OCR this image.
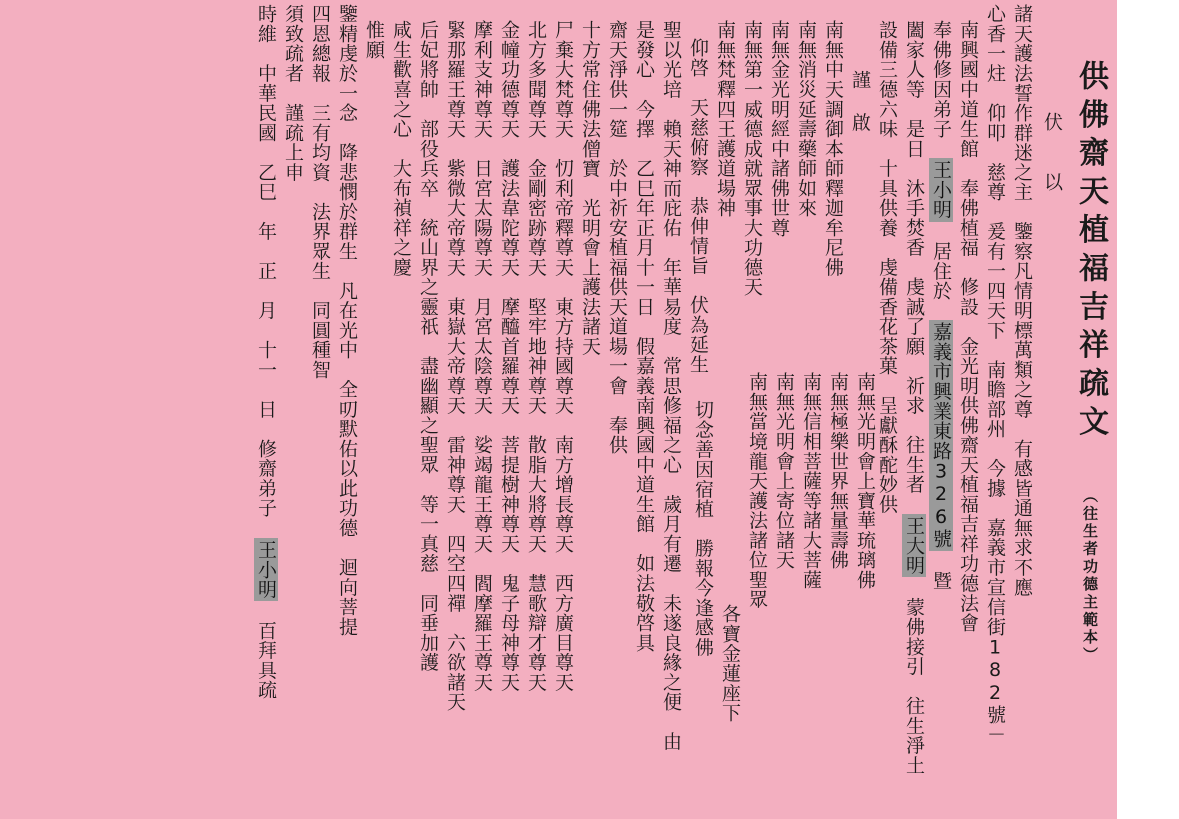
供佛齋天植福吉祥疏文 （往生者功德主範本）
伏 以
諸天護法誓作群迷之主　鑒察凡情明標萬類之尊　有感皆通無求不應
心香一炷　仰叩　慈尊　爰有一四天下　南瞻部州　今據　嘉義市宣信街182號－
南興國中道生館　奉佛植福　修設　金光明供佛齋天植福吉祥功德法會
奉佛修因弟子　王小明　居住於　嘉義市興業東路326號　暨
闔家人等　是日　沐手焚香　虔誠了願　祈求　往生者　王大明　蒙佛接引　往生淨土
設備三德六味　十具供養　虔備香花茶菓　呈獻酥酡妙供
謹 啟
南無中天調御本師釋迦牟尼佛
南無消災延壽藥師如來
南無金光明經中諸佛世尊
南無第一威德成就眾事大功德天
南無梵釋四王護道場神
仰啓　天慈俯察　恭伸情旨　伏為延生
聖以光培　賴天神而庇佑　年華易度　常思修福之心　歲月有遷　未遂良緣之便　由
是發心　今擇　乙巳年正月十一日　假嘉義南興國中道生館　如法敬啓具
齋天淨供一筵　於中祈安植福供天道場一會　奉供
十方常住佛法僧寶　光明會上護法諸天
尸棄大梵尊天　忉利帝釋尊天　東方持國尊天　南方增長尊天　西方廣目尊天
北方多聞尊天　金剛密跡尊天　堅牢地神尊天　散脂大將尊天　慧歌辯才尊天
金幢功德尊天　護法韋陀尊天　摩醯首羅尊天　菩提樹神尊天　鬼子母神尊天
摩利支神尊天　日宮太陽尊天　月宮太陰尊天　娑竭龍王尊天　閻摩羅王尊天
緊那羅王尊天　紫微大帝尊天　東嶽大帝尊天　雷神尊天　四空四禪　六欲諸天
后妃將帥　部役兵卒　統山界之靈祇　盡幽顯之聖眾　等一真慈　同垂加護
咸生歡喜之心　大布禎祥之慶
惟願
鑒精虔於一念　降悲憫於群生　凡在光中　全叨默佑以此功德　迴向菩提
四恩總報　三有均資　法界眾生　同圓種智
須致疏者　謹疏上申
時維　中華民國　乙巳　年　正　月　十一　日　修齋弟子　王小明　百拜具疏
南無光明會上寶華琉璃佛
南無極樂世界無量壽佛
南無信相菩薩等諸大菩薩
南無光明會上寄位諸天
南無當境龍天護法諸位聖眾
各寶金蓮座下
切念善因宿植　勝報今逢感佛
